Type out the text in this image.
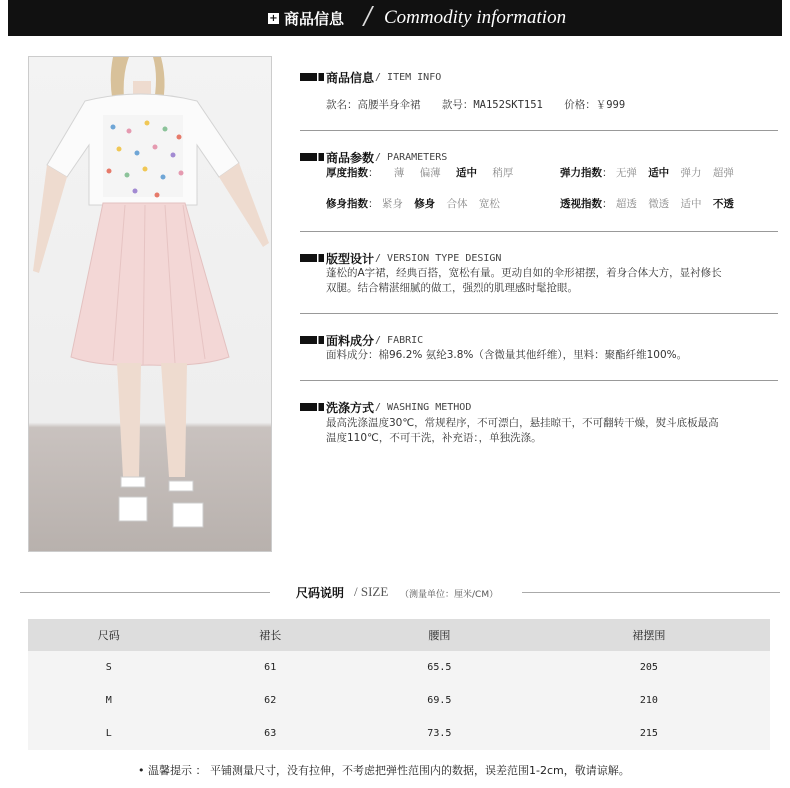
+ 商品信息 / Commodity information
商品信息 / ITEM INFO
款名：高腰半身伞裙 款号：MA152SKT151 价格：￥999
商品参数 / PARAMETERS
厚度指数： 薄 偏薄 适中 稍厚	弹力指数： 无弹 适中 弹力 超弹
修身指数： 紧身 修身 合体 宽松	透视指数： 超透 微透 适中 不透
版型设计 / VERSION TYPE DESIGN
蓬松的A字裙，经典百搭，宽松有量。更动自如的伞形裙摆，着身合体大方，显衬修长
双腿。结合精湛细腻的做工，强烈的肌理感时髦抢眼。
面料成分 / FABRIC
面料成分：棉96.2% 氨纶3.8%（含微量其他纤维），里料：聚酯纤维100%。
洗涤方式 / WASHING METHOD
最高洗涤温度30℃，常规程序，不可漂白，悬挂晾干，不可翻转干燥，熨斗底板最高
温度110℃，不可干洗，补充语：，单独洗涤。
尺码说明 / SIZE （测量单位：厘米/CM）
尺码	裙长	腰围	裙摆围
S	61	65.5	205
M	62	69.5	210
L	63	73.5	215
• 温馨提示 ： 平铺测量尺寸，没有拉伸，不考虑把弹性范围内的数据，误差范围1-2cm，敬请谅解。
